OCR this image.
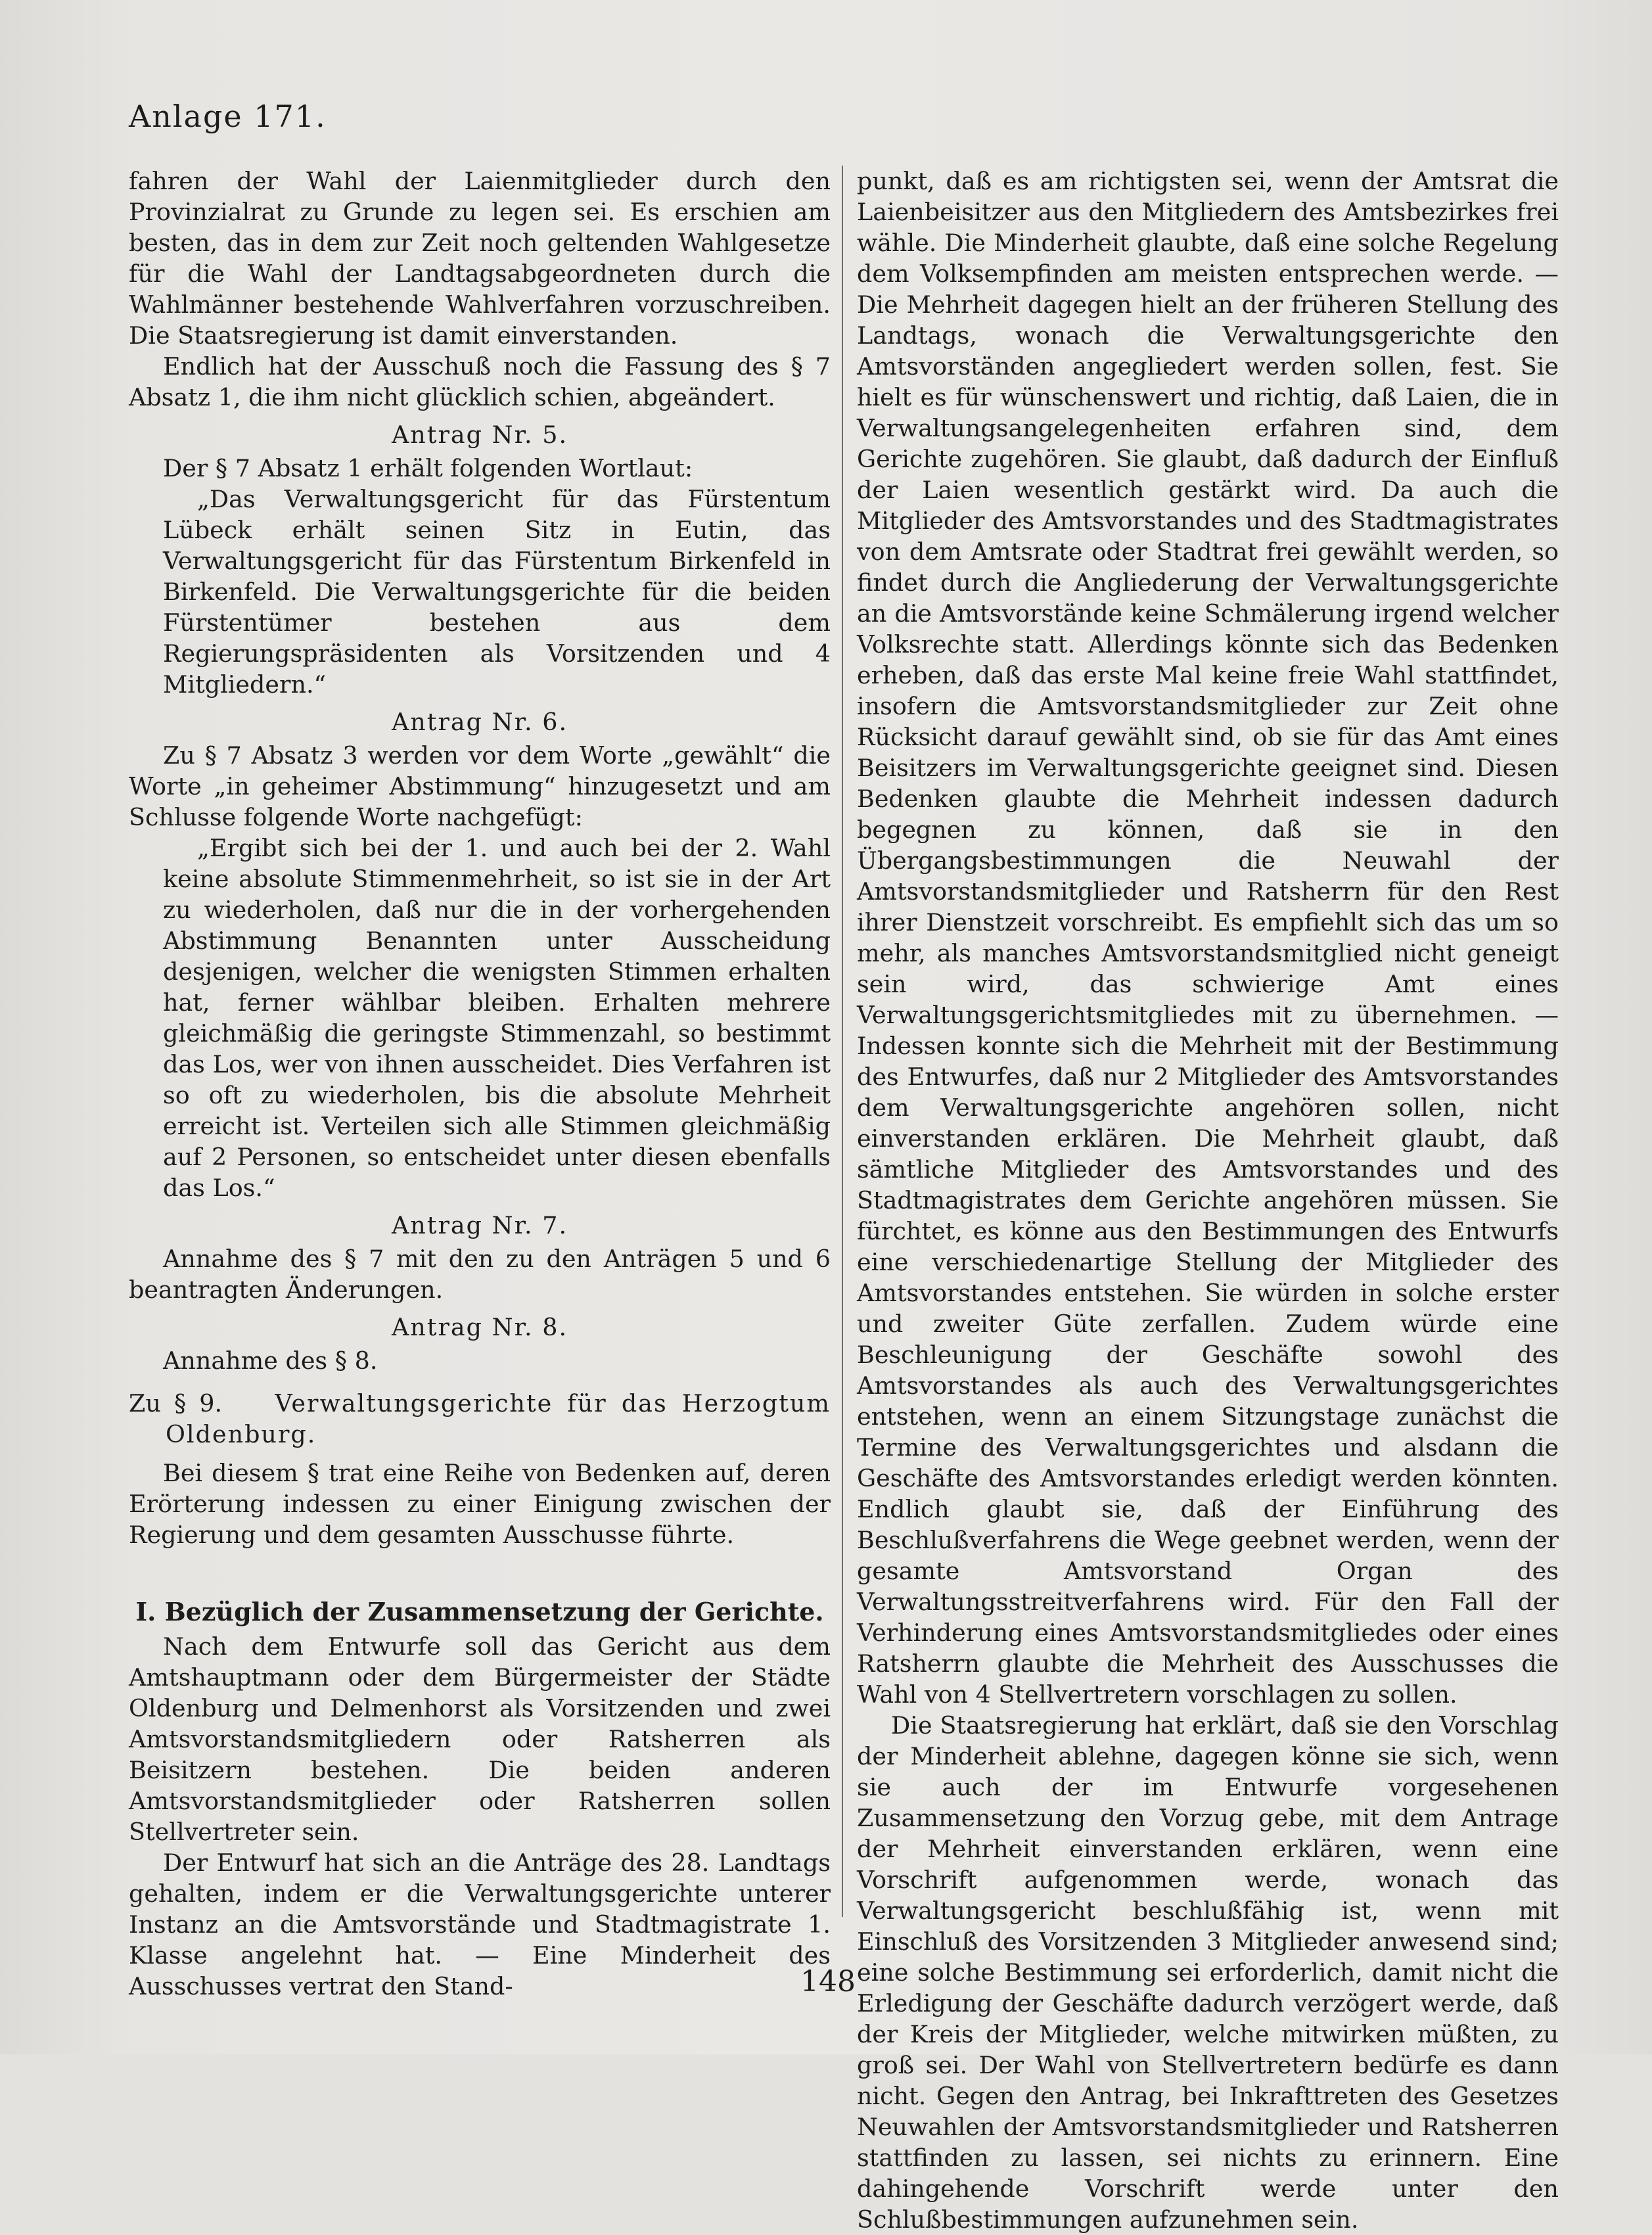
Anlage 171.

fahren der Wahl der Laienmitglieder durch den Provinzialrat zu Grunde zu legen sei. Es erschien am besten, das in dem zur Zeit noch geltenden Wahlgesetze für die Wahl der Landtagsabgeordneten durch die Wahlmänner bestehende Wahlverfahren vorzuschreiben. Die Staatsregierung ist damit einverstanden.

Endlich hat der Ausschuß noch die Fassung des § 7 Absatz 1, die ihm nicht glücklich schien, abgeändert.

Antrag Nr. 5.

Der § 7 Absatz 1 erhält folgenden Wortlaut:

„Das Verwaltungsgericht für das Fürstentum Lübeck erhält seinen Sitz in Eutin, das Verwaltungsgericht für das Fürstentum Birkenfeld in Birkenfeld. Die Verwaltungsgerichte für die beiden Fürstentümer bestehen aus dem Regierungspräsidenten als Vorsitzenden und 4 Mitgliedern.“

Antrag Nr. 6.

Zu § 7 Absatz 3 werden vor dem Worte „gewählt“ die Worte „in geheimer Abstimmung“ hinzugesetzt und am Schlusse folgende Worte nachgefügt:

„Ergibt sich bei der 1. und auch bei der 2. Wahl keine absolute Stimmenmehrheit, so ist sie in der Art zu wiederholen, daß nur die in der vorhergehenden Abstimmung Benannten unter Ausscheidung desjenigen, welcher die wenigsten Stimmen erhalten hat, ferner wählbar bleiben. Erhalten mehrere gleichmäßig die geringste Stimmenzahl, so bestimmt das Los, wer von ihnen ausscheidet. Dies Verfahren ist so oft zu wiederholen, bis die absolute Mehrheit erreicht ist. Verteilen sich alle Stimmen gleichmäßig auf 2 Personen, so entscheidet unter diesen ebenfalls das Los.“

Antrag Nr. 7.

Annahme des § 7 mit den zu den Anträgen 5 und 6 beantragten Änderungen.

Antrag Nr. 8.

Annahme des § 8.

Zu § 9. Verwaltungsgerichte für das Herzogtum Oldenburg.

Bei diesem § trat eine Reihe von Bedenken auf, deren Erörterung indessen zu einer Einigung zwischen der Regierung und dem gesamten Ausschusse führte.

I. Bezüglich der Zusammensetzung der Gerichte.

Nach dem Entwurfe soll das Gericht aus dem Amtshauptmann oder dem Bürgermeister der Städte Oldenburg und Delmenhorst als Vorsitzenden und zwei Amtsvorstandsmitgliedern oder Ratsherren als Beisitzern bestehen. Die beiden anderen Amtsvorstandsmitglieder oder Ratsherren sollen Stellvertreter sein.

Der Entwurf hat sich an die Anträge des 28. Landtags gehalten, indem er die Verwaltungsgerichte unterer Instanz an die Amtsvorstände und Stadtmagistrate 1. Klasse angelehnt hat. — Eine Minderheit des Ausschusses vertrat den Stand-

punkt, daß es am richtigsten sei, wenn der Amtsrat die Laienbeisitzer aus den Mitgliedern des Amtsbezirkes frei wähle. Die Minderheit glaubte, daß eine solche Regelung dem Volksempfinden am meisten entsprechen werde. — Die Mehrheit dagegen hielt an der früheren Stellung des Landtags, wonach die Verwaltungsgerichte den Amtsvorständen angegliedert werden sollen, fest. Sie hielt es für wünschenswert und richtig, daß Laien, die in Verwaltungsangelegenheiten erfahren sind, dem Gerichte zugehören. Sie glaubt, daß dadurch der Einfluß der Laien wesentlich gestärkt wird. Da auch die Mitglieder des Amtsvorstandes und des Stadtmagistrates von dem Amtsrate oder Stadtrat frei gewählt werden, so findet durch die Angliederung der Verwaltungsgerichte an die Amtsvorstände keine Schmälerung irgend welcher Volksrechte statt. Allerdings könnte sich das Bedenken erheben, daß das erste Mal keine freie Wahl stattfindet, insofern die Amtsvorstandsmitglieder zur Zeit ohne Rücksicht darauf gewählt sind, ob sie für das Amt eines Beisitzers im Verwaltungsgerichte geeignet sind. Diesen Bedenken glaubte die Mehrheit indessen dadurch begegnen zu können, daß sie in den Übergangsbestimmungen die Neuwahl der Amtsvorstandsmitglieder und Ratsherrn für den Rest ihrer Dienstzeit vorschreibt. Es empfiehlt sich das um so mehr, als manches Amtsvorstandsmitglied nicht geneigt sein wird, das schwierige Amt eines Verwaltungsgerichtsmitgliedes mit zu übernehmen. — Indessen konnte sich die Mehrheit mit der Bestimmung des Entwurfes, daß nur 2 Mitglieder des Amtsvorstandes dem Verwaltungsgerichte angehören sollen, nicht einverstanden erklären. Die Mehrheit glaubt, daß sämtliche Mitglieder des Amtsvorstandes und des Stadtmagistrates dem Gerichte angehören müssen. Sie fürchtet, es könne aus den Bestimmungen des Entwurfs eine verschiedenartige Stellung der Mitglieder des Amtsvorstandes entstehen. Sie würden in solche erster und zweiter Güte zerfallen. Zudem würde eine Beschleunigung der Geschäfte sowohl des Amtsvorstandes als auch des Verwaltungsgerichtes entstehen, wenn an einem Sitzungstage zunächst die Termine des Verwaltungsgerichtes und alsdann die Geschäfte des Amtsvorstandes erledigt werden könnten. Endlich glaubt sie, daß der Einführung des Beschlußverfahrens die Wege geebnet werden, wenn der gesamte Amtsvorstand Organ des Verwaltungsstreitverfahrens wird. Für den Fall der Verhinderung eines Amtsvorstandsmitgliedes oder eines Ratsherrn glaubte die Mehrheit des Ausschusses die Wahl von 4 Stellvertretern vorschlagen zu sollen.

Die Staatsregierung hat erklärt, daß sie den Vorschlag der Minderheit ablehne, dagegen könne sie sich, wenn sie auch der im Entwurfe vorgesehenen Zusammensetzung den Vorzug gebe, mit dem Antrage der Mehrheit einverstanden erklären, wenn eine Vorschrift aufgenommen werde, wonach das Verwaltungsgericht beschlußfähig ist, wenn mit Einschluß des Vorsitzenden 3 Mitglieder anwesend sind; eine solche Bestimmung sei erforderlich, damit nicht die Erledigung der Geschäfte dadurch verzögert werde, daß der Kreis der Mitglieder, welche mitwirken müßten, zu groß sei. Der Wahl von Stellvertretern bedürfe es dann nicht. Gegen den Antrag, bei Inkrafttreten des Gesetzes Neuwahlen der Amtsvorstandsmitglieder und Ratsherren stattfinden zu lassen, sei nichts zu erinnern. Eine dahingehende Vorschrift werde unter den Schlußbestimmungen aufzunehmen sein.

148
